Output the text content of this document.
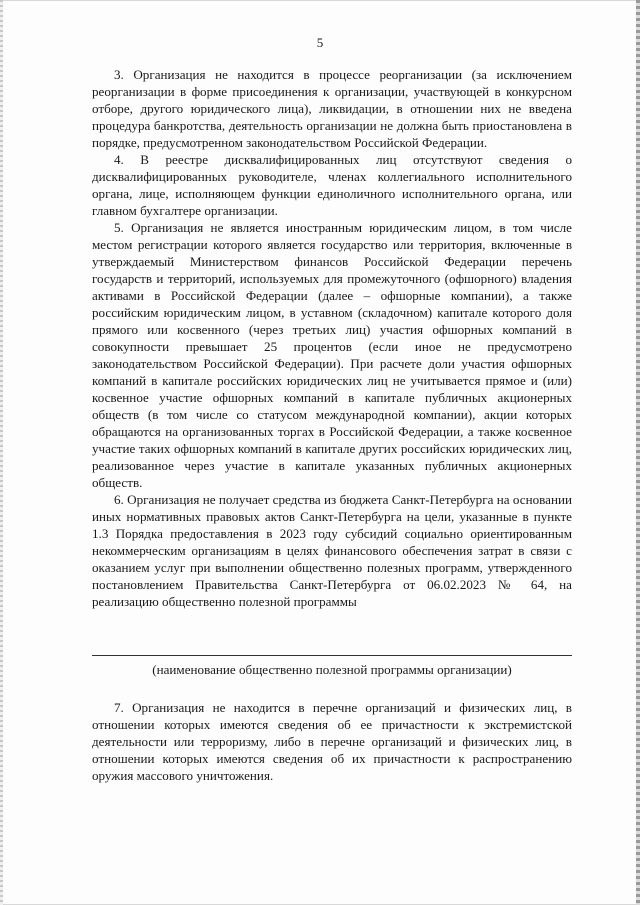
5

3. Организация не находится в процессе реорганизации (за исключением реорганизации в форме присоединения к организации, участвующей в конкурсном отборе, другого юридического лица), ликвидации, в отношении них не введена процедура банкротства, деятельность организации не должна быть приостановлена в порядке, предусмотренном законодательством Российской Федерации.

4. В реестре дисквалифицированных лиц отсутствуют сведения о дисквалифицированных руководителе, членах коллегиального исполнительного органа, лице, исполняющем функции единоличного исполнительного органа, или главном бухгалтере организации.

5. Организация не является иностранным юридическим лицом, в том числе местом регистрации которого является государство или территория, включенные в утверждаемый Министерством финансов Российской Федерации перечень государств и территорий, используемых для промежуточного (офшорного) владения активами в Российской Федерации (далее – офшорные компании), а также российским юридическим лицом, в уставном (складочном) капитале которого доля прямого или косвенного (через третьих лиц) участия офшорных компаний в совокупности превышает 25 процентов (если иное не предусмотрено законодательством Российской Федерации). При расчете доли участия офшорных компаний в капитале российских юридических лиц не учитывается прямое и (или) косвенное участие офшорных компаний в капитале публичных акционерных обществ (в том числе со статусом международной компании), акции которых обращаются на организованных торгах в Российской Федерации, а также косвенное участие таких офшорных компаний в капитале других российских юридических лиц, реализованное через участие в капитале указанных публичных акционерных обществ.

6. Организация не получает средства из бюджета Санкт-Петербурга на основании иных нормативных правовых актов Санкт-Петербурга на цели, указанные в пункте 1.3 Порядка предоставления в 2023 году субсидий социально ориентированным некоммерческим организациям в целях финансового обеспечения затрат в связи с оказанием услуг при выполнении общественно полезных программ, утвержденного постановлением Правительства Санкт-Петербурга от 06.02.2023 № 64, на реализацию общественно полезной программы

(наименование общественно полезной программы организации)

7. Организация не находится в перечне организаций и физических лиц, в отношении которых имеются сведения об ее причастности к экстремистской деятельности или терроризму, либо в перечне организаций и физических лиц, в отношении которых имеются сведения об их причастности к распространению оружия массового уничтожения.
